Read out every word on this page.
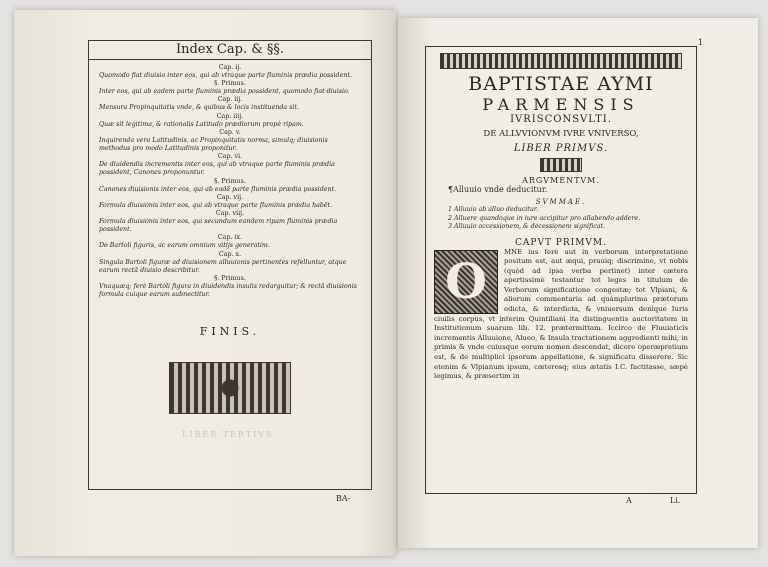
Index Cap. & §§.
Cap. ij.
Quomodo fiat diuisio inter eos, qui ab vtraque parte fluminis prædia possident.
§. Primus.
Inter eos, qui ab eadem parte fluminis prædia possident, quomodo fiat diuisio.
Cap. iij.
Mensura Propinquitatis vnde, & quibus & locis instituenda sit.
Cap. iiij.
Quæ sit legitima, & rationalis Latitudo prædiorum propè ripam.
Cap. v.
Inquirenda vera Latitudinis, ac Propinquitatis norma, simulq; diuisionis methodus pro modo Latitudinis proponitur.
Cap. vi.
De diuidendis incrementis inter eos, qui ab vtraque parte fluminis prædia possident, Canones proponuntur.
§. Primus.
Canones diuisionis inter eos, qui ab eadē parte fluminis prædia possident.
Cap. vij.
Formula diuisionis inter eos, qui ab vtraque parte fluminis prædia habēt.
Cap. viij.
Formula diuisionis inter eos, qui secundum eandem ripam fluminis prædia possident.
Cap. ix.
De Bartoli figuris, ac earum omnium vitijs generatim.
Cap. x.
Singula Bartoli figuræ ad diuisionem alluuionis pertinentes refelluntur, atque earum rectā diuisio describitur.
§. Primus.
Vnaquæq; ferè Bartoli figura in diuidendis insulis redarguitur; & rectā diuisionis formula cuique earum subnectitur.
FINIS.
LIBER TERTIVS.
BA-
1
BAPTISTAE AYMI
PARMENSIS
IVRISCONSVLTI.
DE ALLVVIONVM IVRE VNIVERSO,
LIBER PRIMVS.
ARGVMENTVM.
¶Alluuio vnde deducitur.
SVMMAE.
1 Alluuio ab alluo deducitur.
2 Alluere quandoque in iure accipitur pro allabendo addere.
3 Alluuio accessionem, & decessionem significat.
CAPVT PRIMVM.
O
MNE ius ferè aut in verborum interpretatione positum est, aut æqui, prauiq; discrimine, vt nobis (quòd ad ipsa verba pertinet) inter cætera apertissimè testantur tot leges in titulum de Verborum significatione congestæ; tot Vlpiani, & aliorum commentaria ad quàmplurima prætorum edicta, & interdicta, & vniuersum denique Iuris ciuilis corpus, vt interim Quintiliani ita distinguentis auctoritatem in Institutionum suarum lib. 12. prætermittam. Iccirco de Fluuiaticis incrementis Alluuione, Alueo, & Insula tractationem aggredienti mihi, in primis & vnde cuiusque eorum nomen descendat, dicere operæpretium est, & de multiplici ipsorum appellatione, & significatu disserere. Sic etenim & Vlpianum ipsum, cæterosq; eius ætatis I.C. factitasse, sæpè legimus, & præsertim in
A	Li.
